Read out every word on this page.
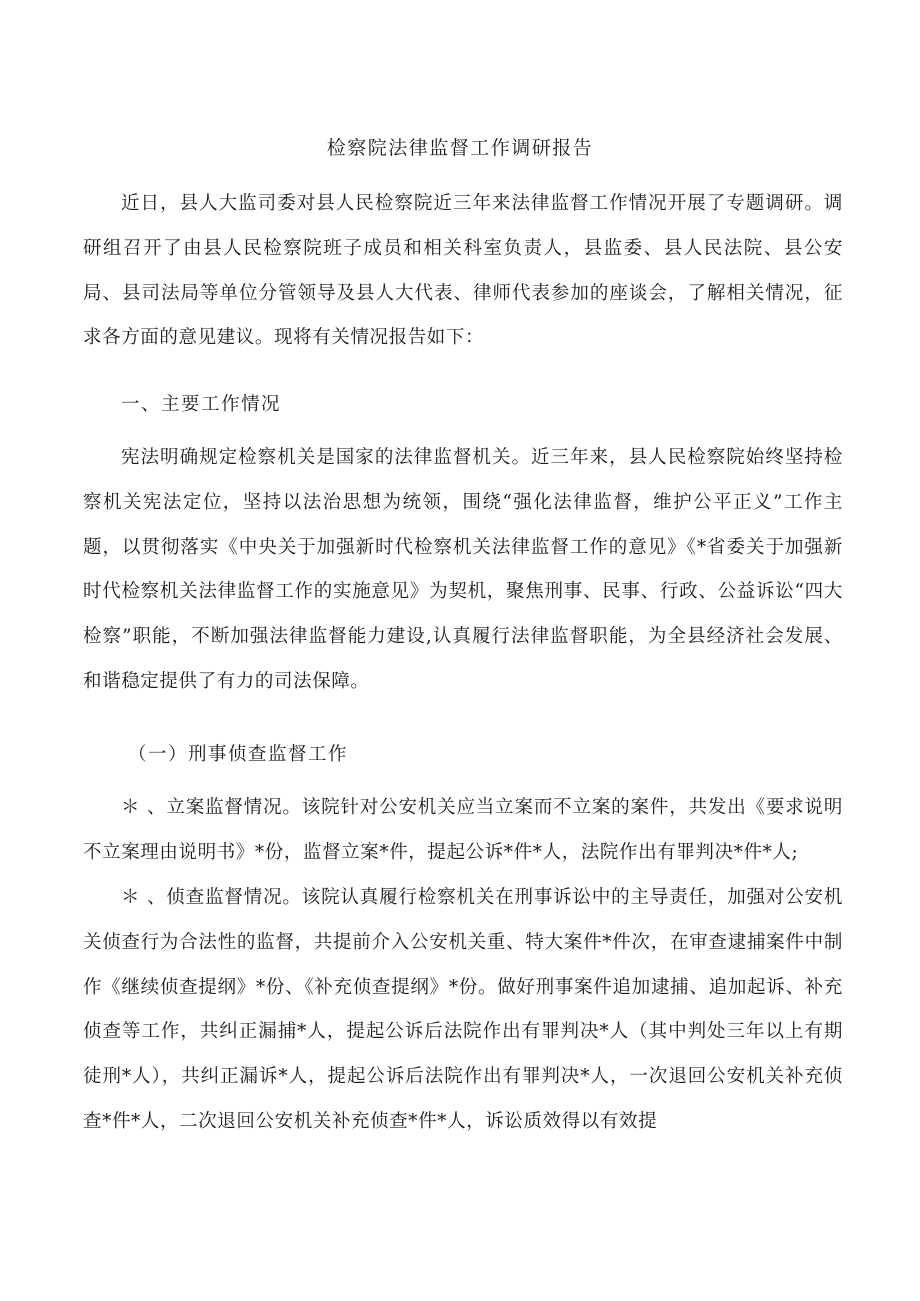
检察院法律监督工作调研报告

近日，县人大监司委对县人民检察院近三年来法律监督工作情况开展了专题调研。调研组召开了由县人民检察院班子成员和相关科室负责人，县监委、县人民法院、县公安局、县司法局等单位分管领导及县人大代表、律师代表参加的座谈会，了解相关情况，征求各方面的意见建议。现将有关情况报告如下：

一、主要工作情况

宪法明确规定检察机关是国家的法律监督机关。近三年来，县人民检察院始终坚持检察机关宪法定位，坚持以法治思想为统领，围绕“强化法律监督，维护公平正义”工作主题，以贯彻落实《中央关于加强新时代检察机关法律监督工作的意见》《*省委关于加强新时代检察机关法律监督工作的实施意见》为契机，聚焦刑事、民事、行政、公益诉讼“四大检察”职能，不断加强法律监督能力建设,认真履行法律监督职能，为全县经济社会发展、和谐稳定提供了有力的司法保障。

（一）刑事侦查监督工作

＊ 、立案监督情况。该院针对公安机关应当立案而不立案的案件，共发出《要求说明不立案理由说明书》*份，监督立案*件，提起公诉*件*人，法院作出有罪判决*件*人;

＊ 、侦查监督情况。该院认真履行检察机关在刑事诉讼中的主导责任，加强对公安机关侦查行为合法性的监督，共提前介入公安机关重、特大案件*件次，在审查逮捕案件中制作《继续侦查提纲》*份、《补充侦查提纲》*份。做好刑事案件追加逮捕、追加起诉、补充侦查等工作，共纠正漏捕*人，提起公诉后法院作出有罪判决*人（其中判处三年以上有期徒刑*人），共纠正漏诉*人，提起公诉后法院作出有罪判决*人，一次退回公安机关补充侦查*件*人，二次退回公安机关补充侦查*件*人，诉讼质效得以有效提
